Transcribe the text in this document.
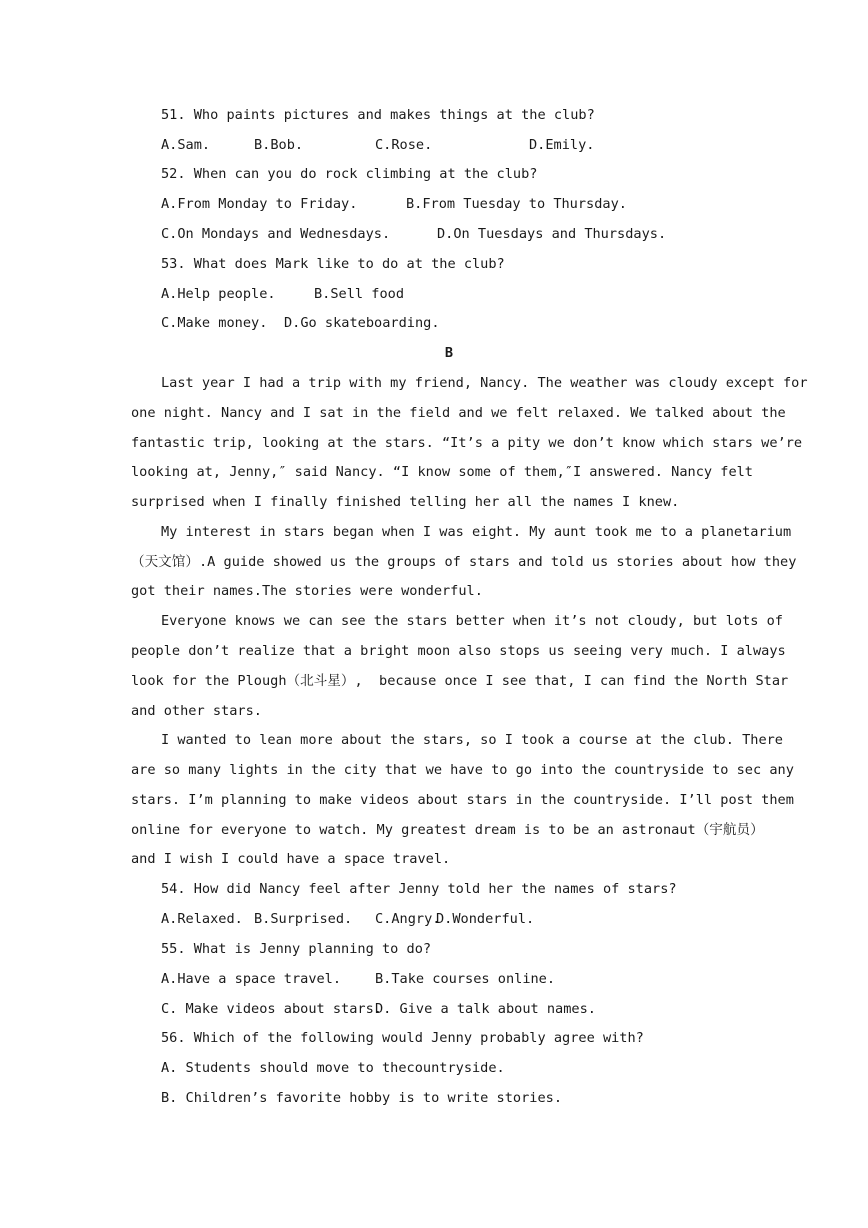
51. Who paints pictures and makes things at the club?
A.Sam.	B.Bob.	C.Rose.	D.Emily.
52. When can you do rock climbing at the club?
A.From Monday to Friday.	B.From Tuesday to Thursday.
C.On Mondays and Wednesdays.	D.On Tuesdays and Thursdays.
53. What does Mark like to do at the club?
A.Help people.	B.Sell food
C.Make money. D.Go skateboarding.
B
Last year I had a trip with my friend, Nancy. The weather was cloudy except for
one night. Nancy and I sat in the field and we felt relaxed. We talked about the
fantastic trip, looking at the stars. “It’s a pity we don’t know which stars we’re
looking at, Jenny,″ said Nancy. “I know some of them,″I answered. Nancy felt
surprised when I finally finished telling her all the names I knew.
My interest in stars began when I was eight. My aunt took me to a planetarium
（天文馆）.A guide showed us the groups of stars and told us stories about how they
got their names.The stories were wonderful.
Everyone knows we can see the stars better when it’s not cloudy, but lots of
people don’t realize that a bright moon also stops us seeing very much. I always
look for the Plough（北斗星）,  because once I see that, I can find the North Star
and other stars.
I wanted to lean more about the stars, so I took a course at the club. There
are so many lights in the city that we have to go into the countryside to sec any
stars. I’m planning to make videos about stars in the countryside. I’ll post them
online for everyone to watch. My greatest dream is to be an astronaut（宇航员）
and I wish I could have a space travel.
54. How did Nancy feel after Jenny told her the names of stars?
A.Relaxed. B.Surprised. C.Angry.
D.Wonderful.
55. What is Jenny planning to do?
A.Have a space travel. B.Take courses online.
C. Make videos about stars.
D. Give a talk about names.
56. Which of the following would Jenny probably agree with?
A. Students should move to thecountryside.
B. Children’s favorite hobby is to write stories.
